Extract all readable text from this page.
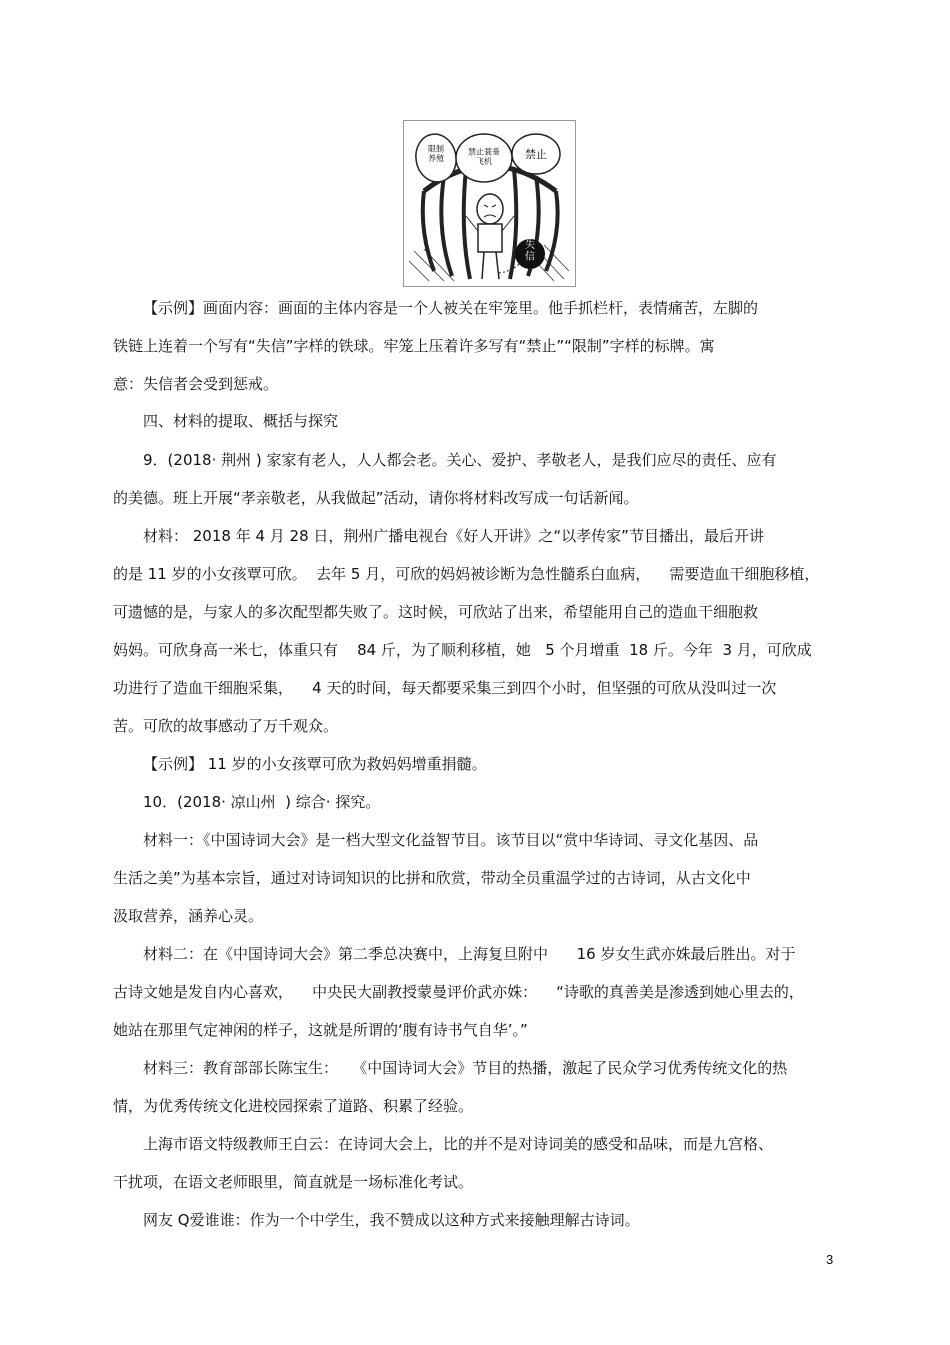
失信
限制养殖
禁止蓑垂飞机
禁止
【示例】画面内容：画面的主体内容是一个人被关在牢笼里。他手抓栏杆，表情痛苦，左脚的
铁链上连着一个写有“失信”字样的铁球。牢笼上压着许多写有“禁止”“限制”字样的标牌。寓
意：失信者会受到惩戒。
四、材料的提取、概括与探究
9．(2018· 荆州 ) 家家有老人，人人都会老。关心、爱护、孝敬老人，是我们应尽的责任、应有
的美德。班上开展“孝亲敬老，从我做起”活动，请你将材料改写成一句话新闻。
材料： 2018 年 4 月 28 日，荆州广播电视台《好人开讲》之“以孝传家”节目播出，最后开讲
的是 11 岁的小女孩覃可欣。  去年 5 月，可欣的妈妈被诊断为急性髓系白血病，    需要造血干细胞移植，
可遗憾的是，与家人的多次配型都失败了。这时候，可欣站了出来，希望能用自己的造血干细胞救
妈妈。可欣身高一米七，体重只有    84 斤，为了顺利移植，她   5 个月增重  18 斤。今年  3 月，可欣成
功进行了造血干细胞采集，    4 天的时间，每天都要采集三到四个小时，但坚强的可欣从没叫过一次
苦。可欣的故事感动了万千观众。
【示例】 11 岁的小女孩覃可欣为救妈妈增重捐髓。
10．(2018· 凉山州  ) 综合· 探究。
材料一：《中国诗词大会》是一档大型文化益智节目。该节目以“赏中华诗词、寻文化基因、品
生活之美”为基本宗旨，通过对诗词知识的比拼和欣赏，带动全员重温学过的古诗词，从古文化中
汲取营养，涵养心灵。
材料二：在《中国诗词大会》第二季总决赛中，上海复旦附中      16 岁女生武亦姝最后胜出。对于
古诗文她是发自内心喜欢，    中央民大副教授蒙曼评价武亦姝：    “诗歌的真善美是渗透到她心里去的，
她站在那里气定神闲的样子，这就是所谓的‘腹有诗书气自华’。”
材料三：教育部部长陈宝生：   《中国诗词大会》节目的热播，激起了民众学习优秀传统文化的热
情，为优秀传统文化进校园探索了道路、积累了经验。
上海市语文特级教师王白云：在诗词大会上，比的并不是对诗词美的感受和品味，而是九宫格、
干扰项，在语文老师眼里，简直就是一场标准化考试。
网友 Q爱谁谁：作为一个中学生，我不赞成以这种方式来接触理解古诗词。
3
